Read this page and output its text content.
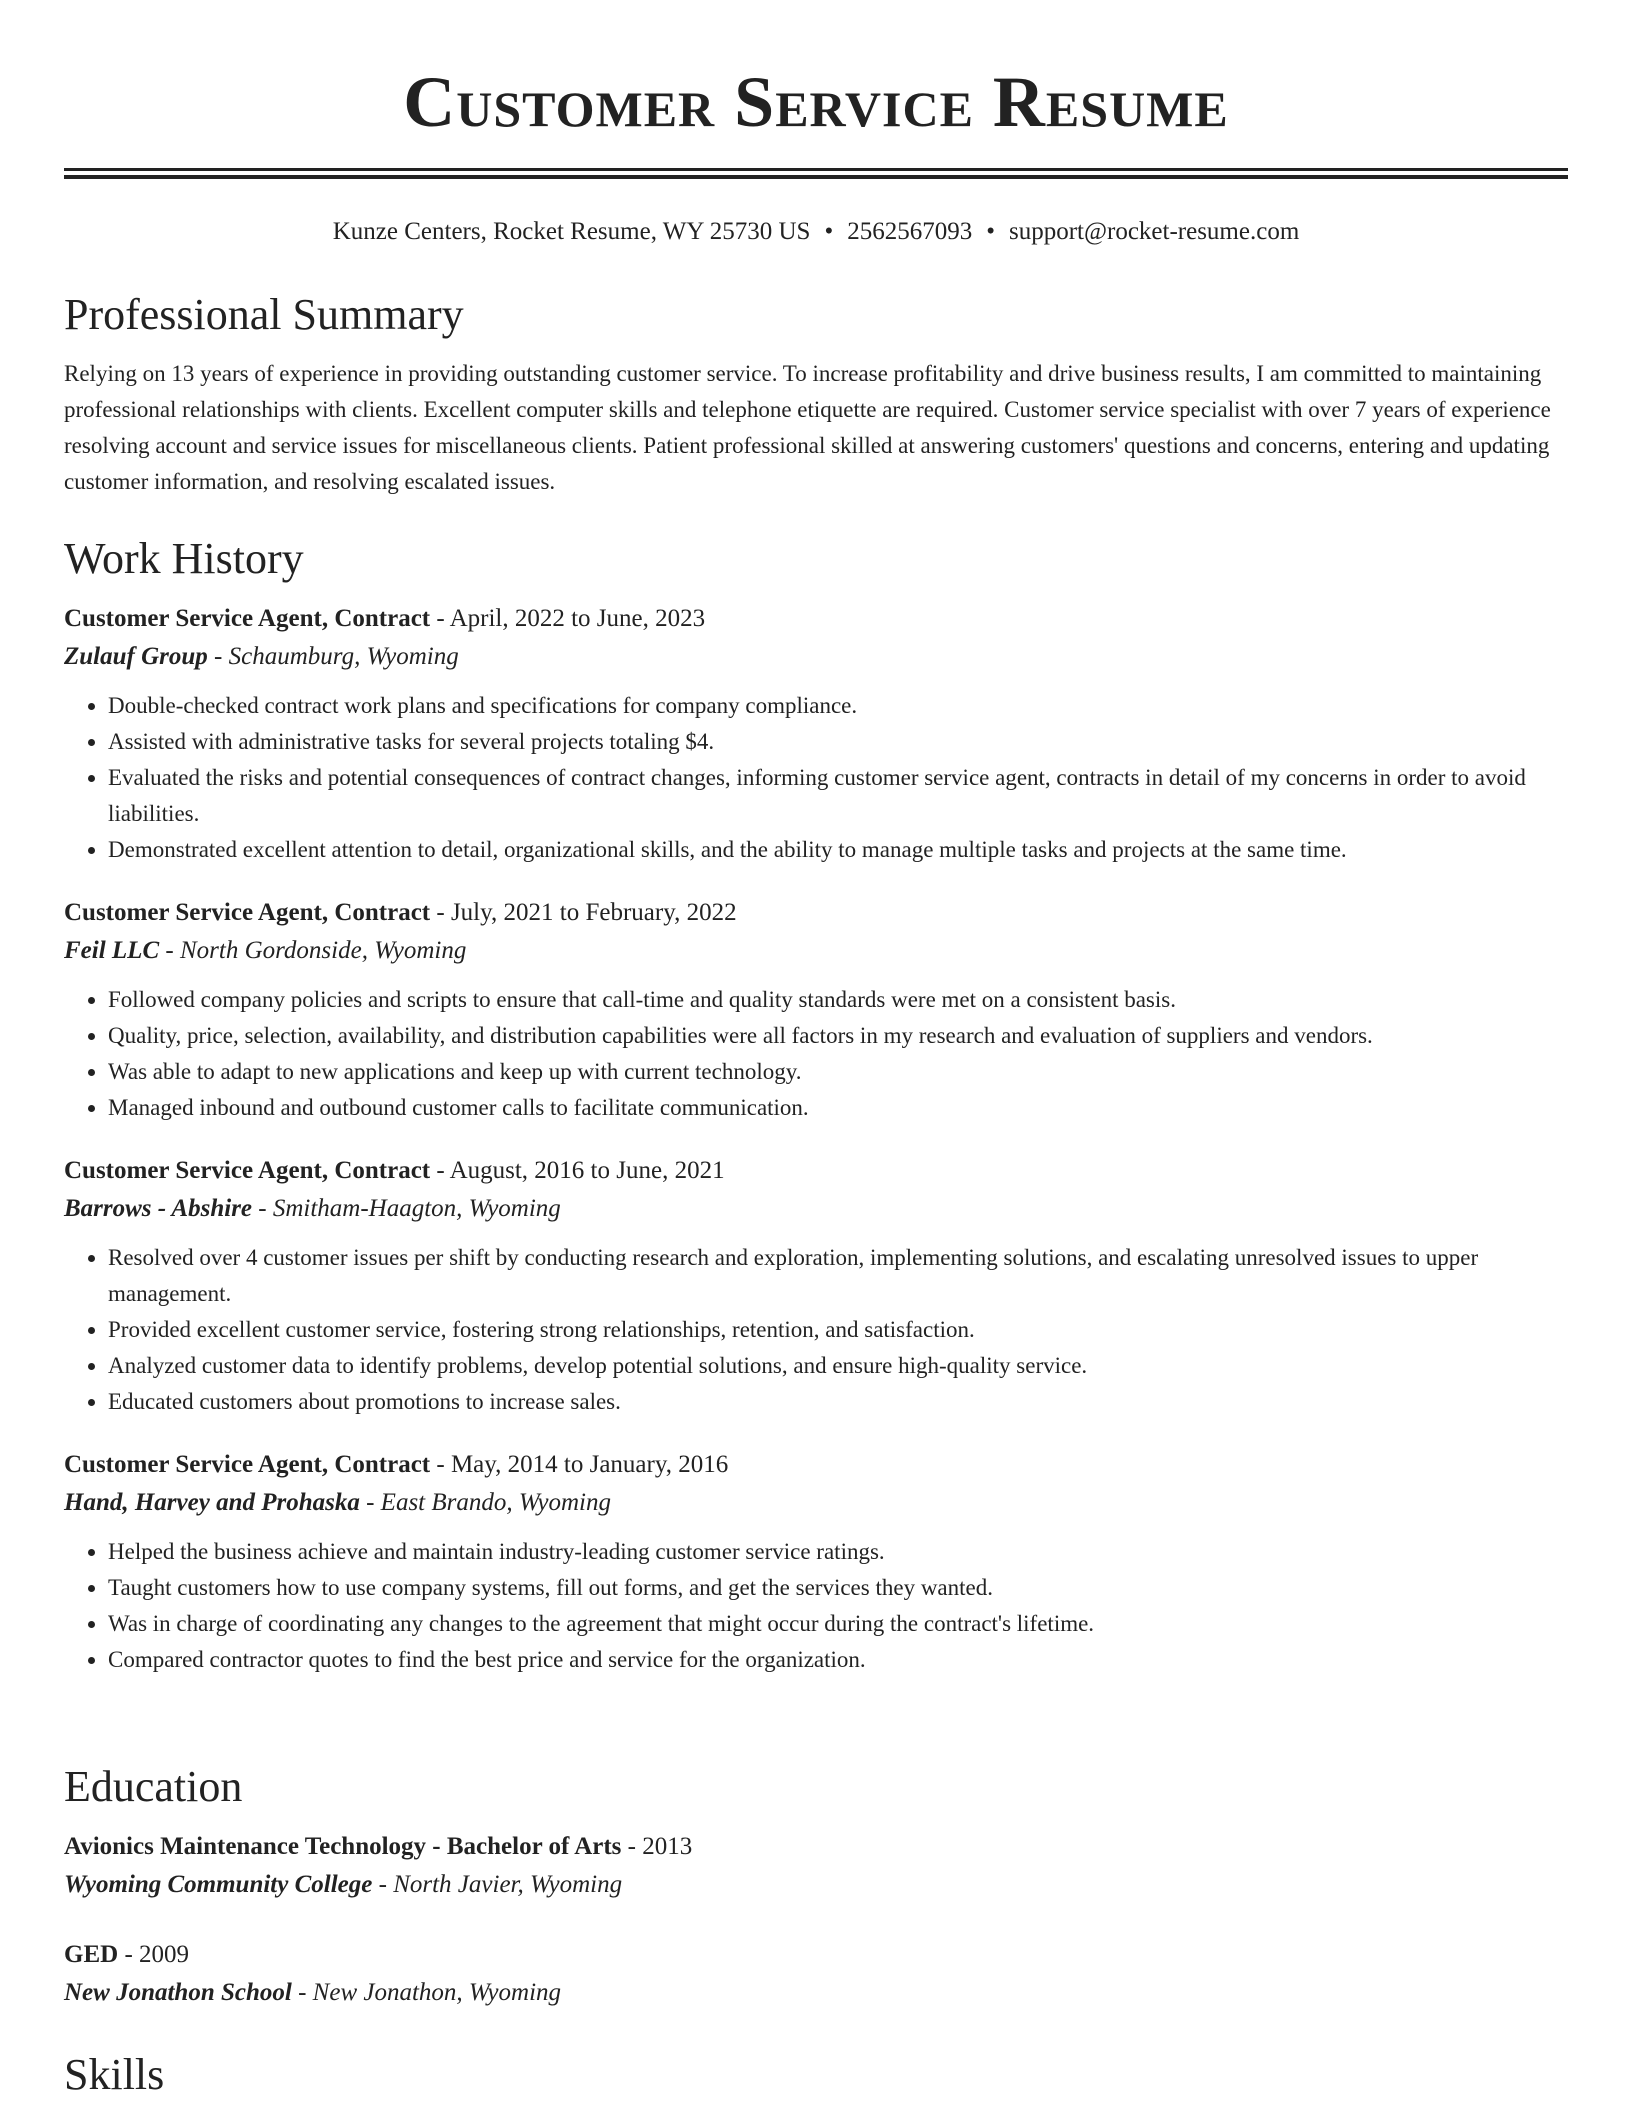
Customer Service Resume
Kunze Centers, Rocket Resume, WY 25730 US • 2562567093 • support@rocket-resume.com
Professional Summary

Relying on 13 years of experience in providing outstanding customer service. To increase profitability and drive business results, I am committed to maintaining professional relationships with clients. Excellent computer skills and telephone etiquette are required. Customer service specialist with over 7 years of experience resolving account and service issues for miscellaneous clients. Patient professional skilled at answering customers' questions and concerns, entering and updating customer information, and resolving escalated issues.

Work History
Customer Service Agent, Contract - April, 2022 to June, 2023
Zulauf Group - Schaumburg, Wyoming
• Double-checked contract work plans and specifications for company compliance.
• Assisted with administrative tasks for several projects totaling $4.
• Evaluated the risks and potential consequences of contract changes, informing customer service agent, contracts in detail of my concerns in order to avoid liabilities.
• Demonstrated excellent attention to detail, organizational skills, and the ability to manage multiple tasks and projects at the same time.
Customer Service Agent, Contract - July, 2021 to February, 2022
Feil LLC - North Gordonside, Wyoming
• Followed company policies and scripts to ensure that call-time and quality standards were met on a consistent basis.
• Quality, price, selection, availability, and distribution capabilities were all factors in my research and evaluation of suppliers and vendors.
• Was able to adapt to new applications and keep up with current technology.
• Managed inbound and outbound customer calls to facilitate communication.
Customer Service Agent, Contract - August, 2016 to June, 2021
Barrows - Abshire - Smitham-Haagton, Wyoming
• Resolved over 4 customer issues per shift by conducting research and exploration, implementing solutions, and escalating unresolved issues to upper management.
• Provided excellent customer service, fostering strong relationships, retention, and satisfaction.
• Analyzed customer data to identify problems, develop potential solutions, and ensure high-quality service.
• Educated customers about promotions to increase sales.
Customer Service Agent, Contract - May, 2014 to January, 2016
Hand, Harvey and Prohaska - East Brando, Wyoming
• Helped the business achieve and maintain industry-leading customer service ratings.
• Taught customers how to use company systems, fill out forms, and get the services they wanted.
• Was in charge of coordinating any changes to the agreement that might occur during the contract's lifetime.
• Compared contractor quotes to find the best price and service for the organization.
Education
Avionics Maintenance Technology - Bachelor of Arts - 2013
Wyoming Community College - North Javier, Wyoming
GED - 2009
New Jonathon School - New Jonathon, Wyoming
Skills
